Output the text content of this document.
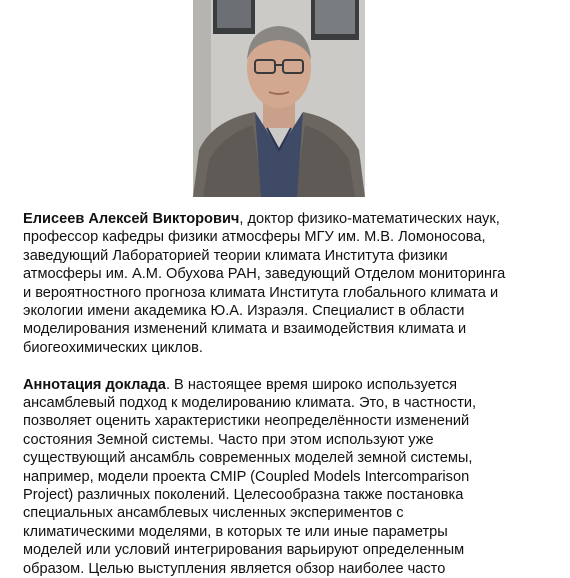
Елисеев Алексей Викторович, доктор физико-математических наук,
профессор кафедры физики атмосферы МГУ им. М.В. Ломоносова,
заведующий Лабораторией теории климата Института физики
атмосферы им. А.М. Обухова РАН, заведующий Отделом мониторинга
и вероятностного прогноза климата Института глобального климата и
экологии имени академика Ю.А. Израэля. Специалист в области
моделирования изменений климата и взаимодействия климата и
биогеохимических циклов.

Аннотация доклада. В настоящее время широко используется
ансамблевый подход к моделированию климата. Это, в частности,
позволяет оценить характеристики неопределённости изменений
состояния Земной системы. Часто при этом используют уже
существующий ансамбль современных моделей земной системы,
например, модели проекта CMIP (Coupled Models Intercomparison
Project) различных поколений. Целесообразна также постановка
специальных ансамблевых численных экспериментов с
климатическими моделями, в которых те или иные параметры
моделей или условий интегрирования варьируют определенным
образом. Целью выступления является обзор наиболее часто
